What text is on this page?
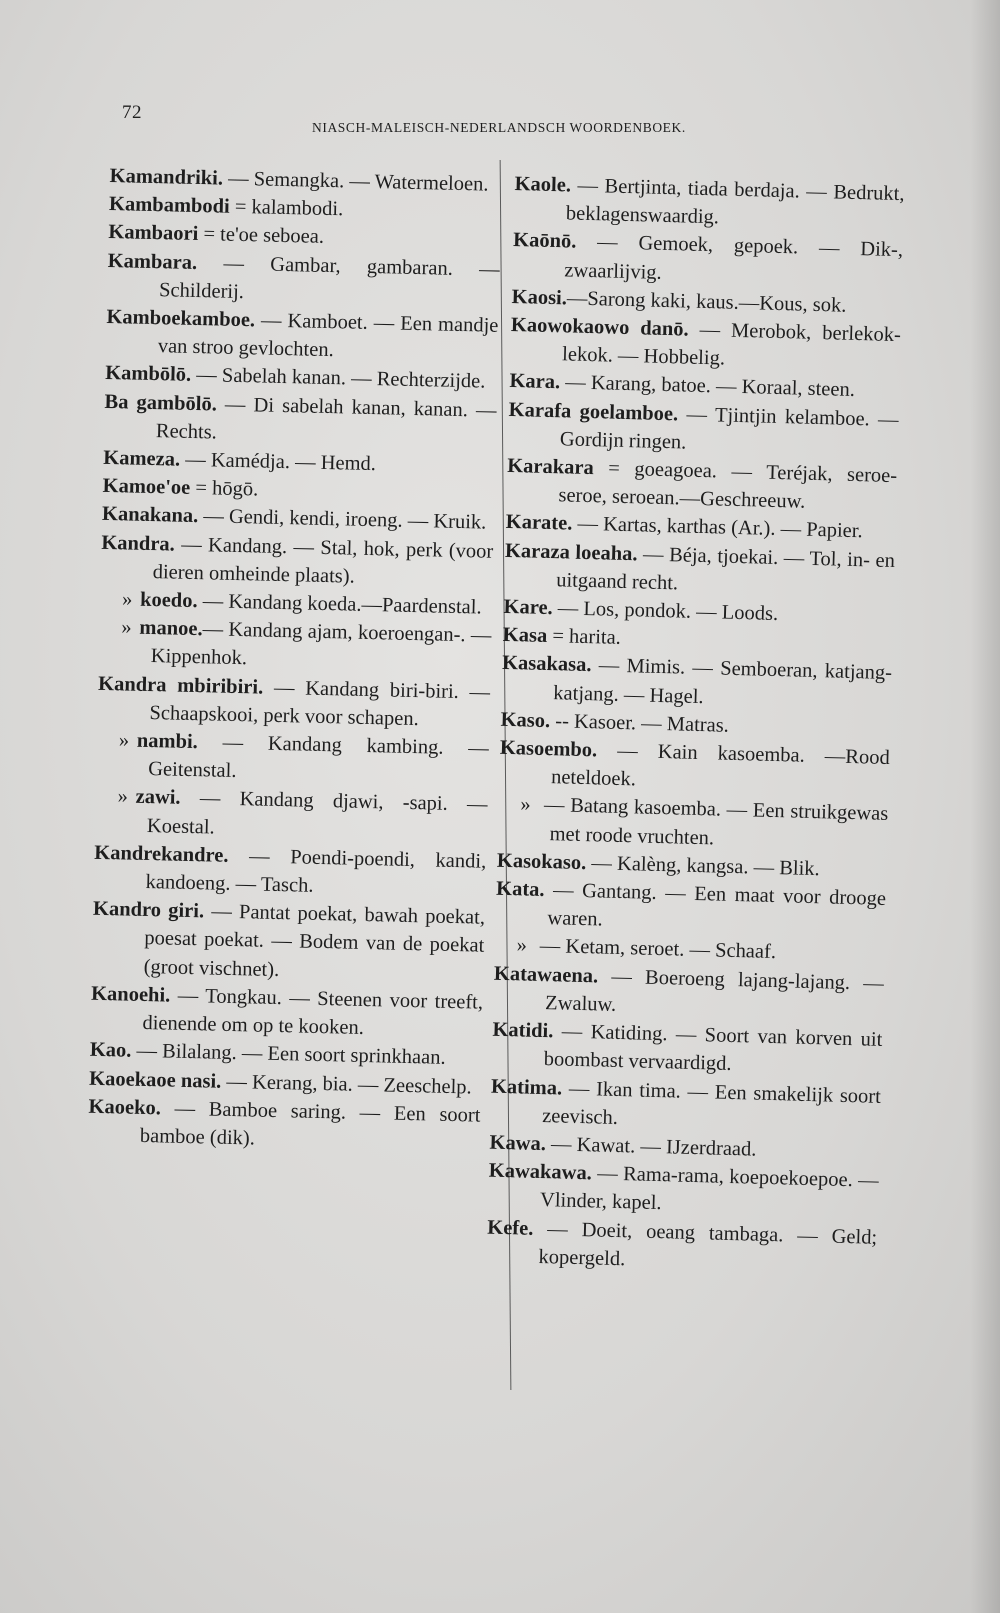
72
NIASCH-MALEISCH-NEDERLANDSCH WOORDENBOEK.

Kamandriki. — Semangka. — Watermeloen.

Kambambodi = kalambodi.

Kambaori = te'oe seboea.

Kambara. — Gambar, gambaran. — Schilderij.

Kamboekamboe. — Kamboet. — Een mandje van stroo gevlochten.

Kambōlō. — Sabelah kanan. — Rechterzijde.

Ba gambōlō. — Di sabelah kanan, kanan. — Rechts.

Kameza. — Kamédja. — Hemd.

Kamoe'oe = hōgō.

Kanakana. — Gendi, kendi, iroeng. — Kruik.

Kandra. — Kandang. — Stal, hok, perk (voor dieren omheinde plaats).

» koedo. — Kandang koeda.—Paardenstal.

» manoe.— Kandang ajam, koeroengan-. — Kippenhok.

Kandra mbiribiri. — Kandang biri-biri. — Schaapskooi, perk voor schapen.

» nambi. — Kandang kambing. — Geitenstal.

» zawi. — Kandang djawi, -sapi. — Koestal.

Kandrekandre. — Poendi-poendi, kandi, kandoeng. — Tasch.

Kandro giri. — Pantat poekat, bawah poekat, poesat poekat. — Bodem van de poekat (groot vischnet).

Kanoehi. — Tongkau. — Steenen voor treeft, dienende om op te kooken.

Kao. — Bilalang. — Een soort sprinkhaan.

Kaoekaoe nasi. — Kerang, bia. — Zeeschelp.

Kaoeko. — Bamboe saring. — Een soort bamboe (dik).

Kaole. — Bertjinta, tiada berdaja. — Bedrukt, beklagenswaardig.

Kaōnō. — Gemoek, gepoek. — Dik-, zwaarlijvig.

Kaosi.—Sarong kaki, kaus.—Kous, sok.

Kaowokaowo danō. — Merobok, berlekok-lekok. — Hobbelig.

Kara. — Karang, batoe. — Koraal, steen.

Karafa goelamboe. — Tjintjin kelamboe. — Gordijn ringen.

Karakara = goeagoea. — Teréjak, seroe-seroe, seroean.—Geschreeuw.

Karate. — Kartas, karthas (Ar.). — Papier.

Karaza loeaha. — Béja, tjoekai. — Tol, in- en uitgaand recht.

Kare. — Los, pondok. — Loods.

Kasa = harita.

Kasakasa. — Mimis. — Semboeran, katjang-katjang. — Hagel.

Kaso. -- Kasoer. — Matras.

Kasoembo. — Kain kasoemba. —Rood neteldoek.

» — Batang kasoemba. — Een struikgewas met roode vruchten.

Kasokaso. — Kalèng, kangsa. — Blik.

Kata. — Gantang. — Een maat voor drooge waren.

» — Ketam, seroet. — Schaaf.

Katawaena. — Boeroeng lajang-lajang. — Zwaluw.

Katidi. — Katiding. — Soort van korven uit boombast vervaardigd.

Katima. — Ikan tima. — Een smakelijk soort zeevisch.

Kawa. — Kawat. — IJzerdraad.

Kawakawa. — Rama-rama, koepoekoepoe. — Vlinder, kapel.

Kefe. — Doeit, oeang tambaga. — Geld; kopergeld.
